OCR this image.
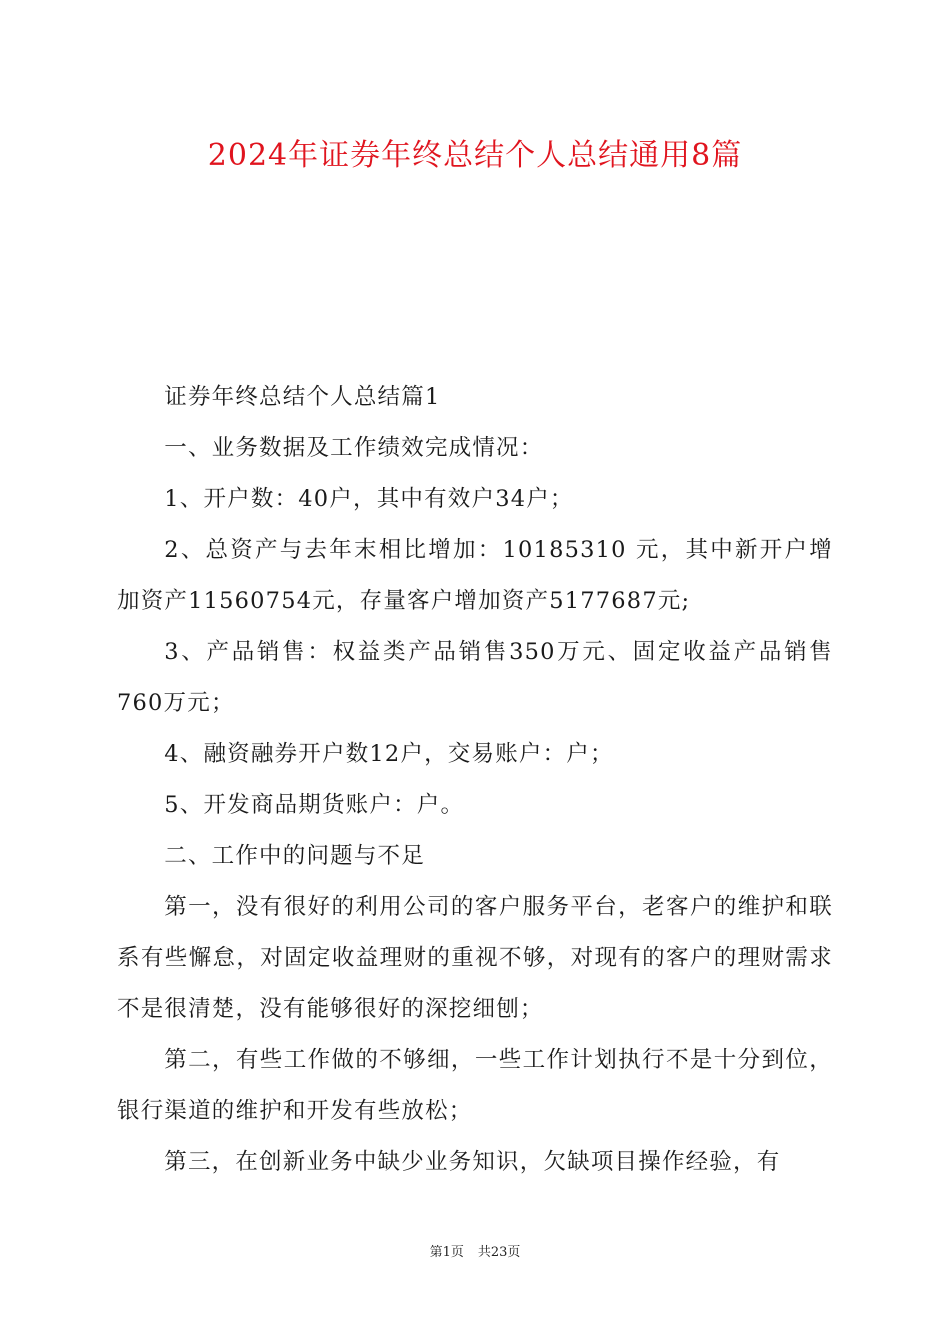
2024年证券年终总结个人总结通用8篇

证券年终总结个人总结篇1

一、业务数据及工作绩效完成情况：

1、开户数：40户，其中有效户34户；

2、总资产与去年末相比增加：10185310 元，其中新开户增加资产11560754元，存量客户增加资产5177687元;

3、产品销售：权益类产品销售350万元、固定收益产品销售760万元；

4、融资融券开户数12户，交易账户：户；

5、开发商品期货账户：户。

二、工作中的问题与不足

第一，没有很好的利用公司的客户服务平台，老客户的维护和联系有些懈怠，对固定收益理财的重视不够，对现有的客户的理财需求不是很清楚，没有能够很好的深挖细刨；

第二，有些工作做的不够细，一些工作计划执行不是十分到位，银行渠道的维护和开发有些放松；

第三，在创新业务中缺少业务知识，欠缺项目操作经验，有

第1页 共23页
